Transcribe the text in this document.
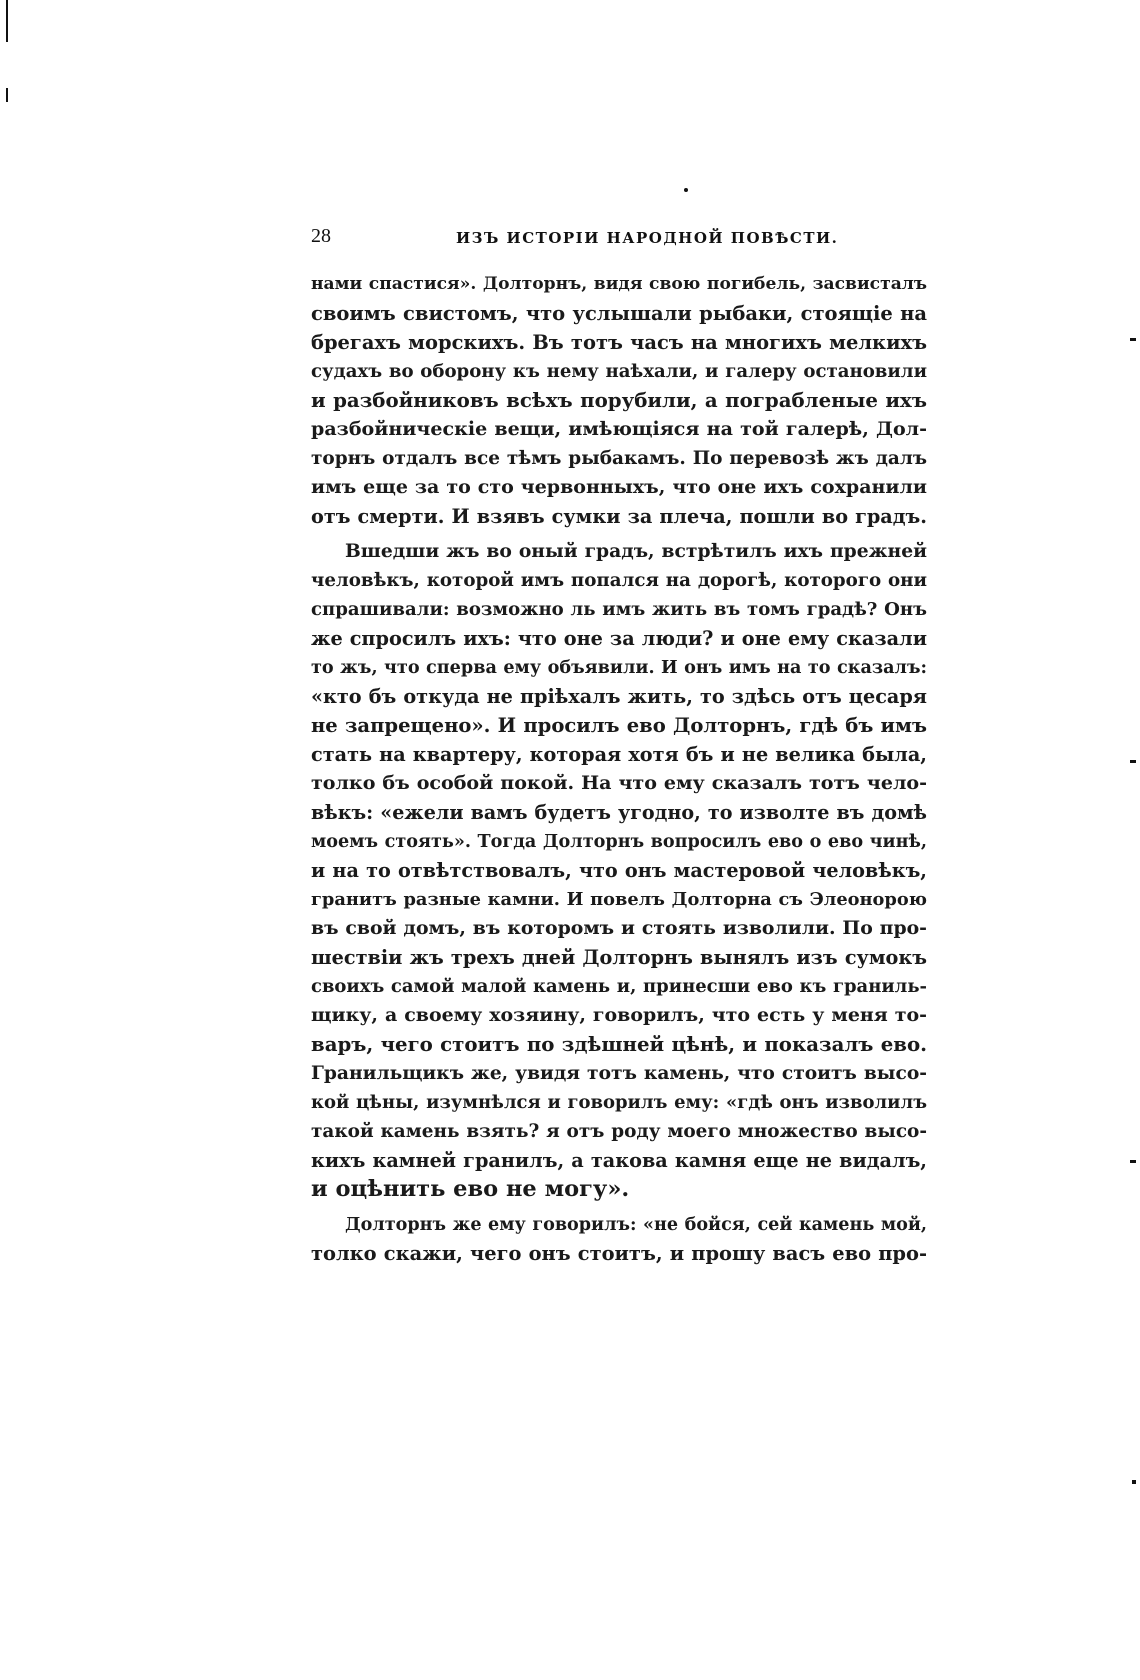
28	ИЗЪ ИСТОРІИ НАРОДНОЙ ПОВѢСТИ.
нами спастися». Долторнъ, видя свою погибель, засвисталъ
своимъ свистомъ, что услышали рыбаки, стоящіе на
брегахъ морскихъ. Въ тотъ часъ на многихъ мелкихъ
судахъ во оборону къ нему наѣхали, и галеру остановили
и разбойниковъ всѣхъ порубили, а пограбленые ихъ
разбойническіе вещи, имѣющіяся на той галерѣ, Дол-
торнъ отдалъ все тѣмъ рыбакамъ. По перевозѣ жъ далъ
имъ еще за то сто червонныхъ, что оне ихъ сохранили
отъ смерти. И взявъ сумки за плеча, пошли во градъ.
Вшедши жъ во оный градъ, встрѣтилъ ихъ прежней
человѣкъ, которой имъ попался на дорогѣ, которого они
спрашивали: возможно ль имъ жить въ томъ градѣ? Онъ
же спросилъ ихъ: что оне за люди? и оне ему сказали
то жъ, что сперва ему объявили. И онъ имъ на то сказалъ:
«кто бъ откуда не пріѣхалъ жить, то здѣсь отъ цесаря
не запрещено». И просилъ ево Долторнъ, гдѣ бъ имъ
стать на квартеру, которая хотя бъ и не велика была,
толко бъ особой покой. На что ему сказалъ тотъ чело-
вѣкъ: «ежели вамъ будетъ угодно, то изволте въ домѣ
моемъ стоять». Тогда Долторнъ вопросилъ ево о ево чинѣ,
и на то отвѣтствовалъ, что онъ мастеровой человѣкъ,
гранитъ разные камни. И повелъ Долторна съ Элеонорою
въ свой домъ, въ которомъ и стоять изволили. По про-
шествіи жъ трехъ дней Долторнъ вынялъ изъ сумокъ
своихъ самой малой камень и, принесши ево къ граниль-
щику, а своему хозяину, говорилъ, что есть у меня то-
варъ, чего стоитъ по здѣшней цѣнѣ, и показалъ ево.
Гранильщикъ же, увидя тотъ камень, что стоитъ высо-
кой цѣны, изумнѣлся и говорилъ ему: «гдѣ онъ изволилъ
такой камень взять? я отъ роду моего множество высо-
кихъ камней гранилъ, а такова камня еще не видалъ,
и оцѣнить ево не могу».
Долторнъ же ему говорилъ: «не бойся, сей камень мой,
толко скажи, чего онъ стоитъ, и прошу васъ ево про-
